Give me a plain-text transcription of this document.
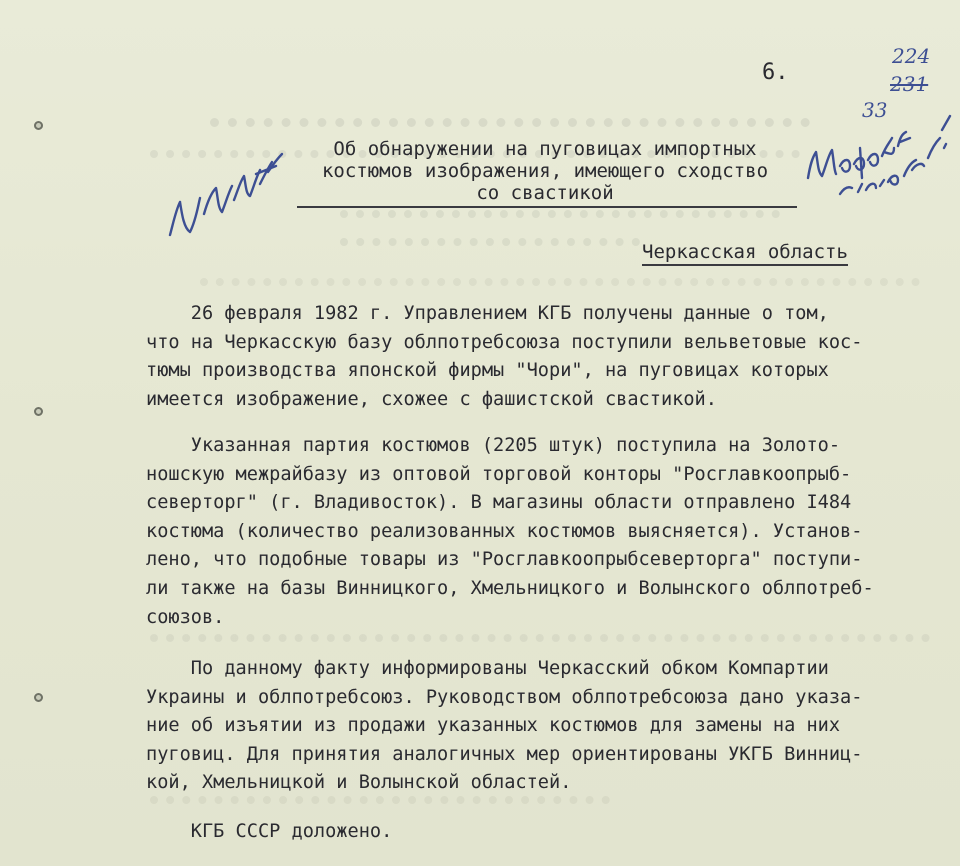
6.
224
231
33
Об обнаружении на пуговицах импортных
костюмов изображения, имеющего сходство
со свастикой
Черкасская область
26 февраля 1982 г. Управлением КГБ получены данные о том,
что на Черкасскую базу облпотребсоюза поступили вельветовые кос-
тюмы производства японской фирмы "Чори", на пуговицах которых
имеется изображение, схожее с фашистской свастикой.
Указанная партия костюмов (2205 штук) поступила на Золото-
ношскую межрайбазу из оптовой торговой конторы "Росглавкоопрыб-
северторг" (г. Владивосток). В магазины области отправлено I484
костюма (количество реализованных костюмов выясняется). Установ-
лено, что подобные товары из "Росглавкоопрыбсеверторга" поступи-
ли также на базы Винницкого, Хмельницкого и Волынского облпотреб-
союзов.
По данному факту информированы Черкасский обком Компартии
Украины и облпотребсоюз. Руководством облпотребсоюза дано указа-
ние об изъятии из продажи указанных костюмов для замены на них
пуговиц. Для принятия аналогичных мер ориентированы УКГБ Винниц-
кой, Хмельницкой и Волынской областей.
КГБ СССР доложено.
